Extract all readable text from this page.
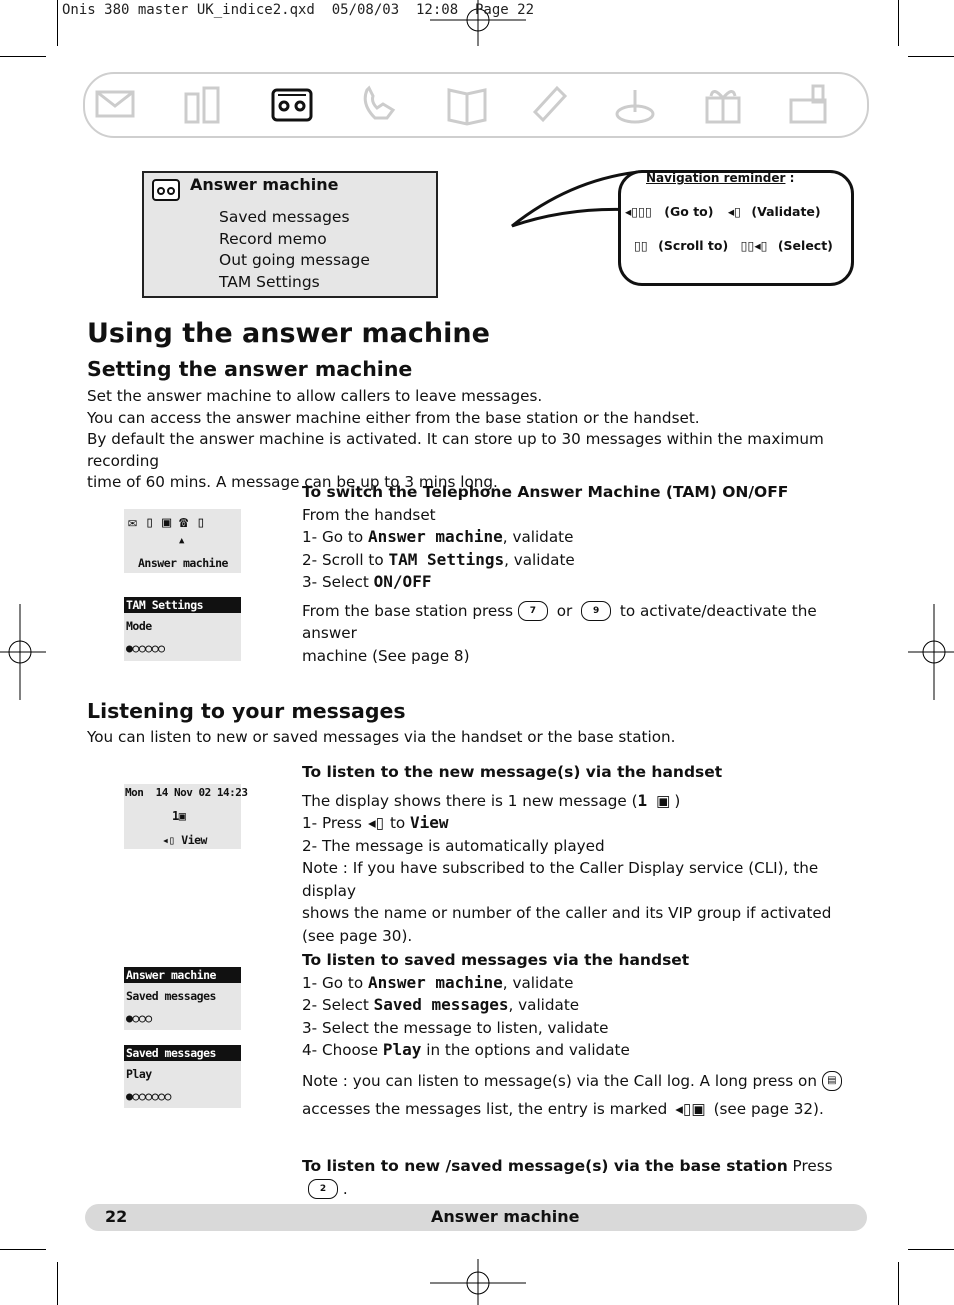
Onis 380 master UK_indice2.qxd  05/08/03  12:08  Page 22
Answer machine
Saved messages
Record memo
Out going message
TAM Settings
Navigation reminder :
◂▯▯▯ (Go to) ◂▯ (Validate)
▯▯ (Scroll to) ▯▯◂▯ (Select)
Using the answer machine
Setting the answer machine
Set the answer machine to allow callers to leave messages.
You can access the answer machine either from the base station or the handset.
By default the answer machine is activated. It can store up to 30 messages within the maximum recording
time of 60 mins. A message can be up to 3 mins long.
✉ ▯ ▣ ☎ ▯
▲
Answer machine
TAM Settings
Mode
●○○○○○
To switch the Telephone Answer Machine (TAM) ON/OFF
From the handset
1- Go to Answer machine, validate
2- Scroll to TAM Settings, validate
3- Select ON/OFF
From the base station press 7 or 9 to activate/deactivate the answer
machine (See page 8)
Listening to your messages
You can listen to new or saved messages via the handset or the base station.
Mon  14 Nov 02 14:23
1▣
◂▯ View
To listen to the new message(s) via the handset
The display shows there is 1 new message (1 ▣ )
1- Press ◂▯ to View
2- The message is automatically played
Note : If you have subscribed to the Caller Display service (CLI), the display
shows the name or number of the caller and its VIP group if activated
(see page 30).
Answer machine
Saved messages
●○○○
Saved messages
Play
●○○○○○○
To listen to saved messages via the handset
1- Go to Answer machine, validate
2- Select Saved messages, validate
3- Select the message to listen, validate
4- Choose Play in the options and validate
Note : you can listen to message(s) via the Call log. A long press on ▤
accesses the messages list, the entry is marked ◂▯▣ (see page 32).
To listen to new /saved message(s) via the base station Press 2 .
22	Answer machine
